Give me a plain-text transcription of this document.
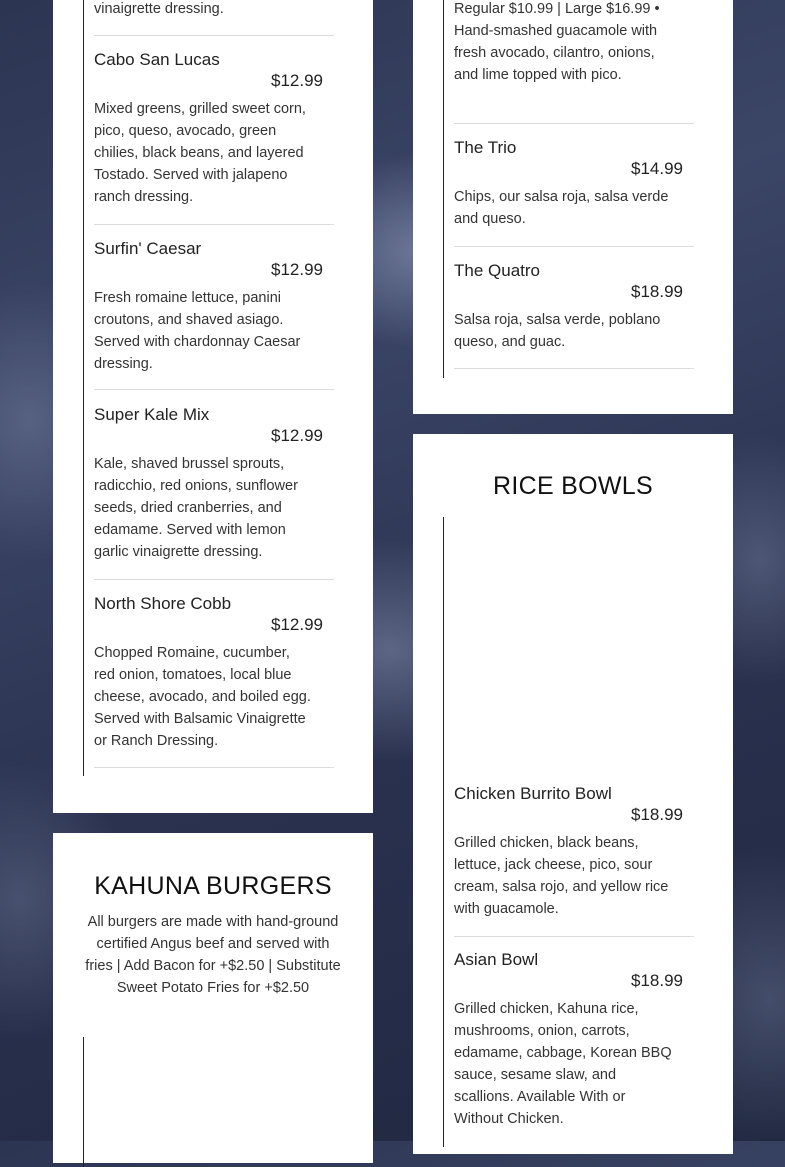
vinaigrette dressing.
Cabo San Lucas
$12.99
Mixed greens, grilled sweet corn, pico, queso, avocado, green chilies, black beans, and layered Tostado. Served with jalapeno ranch dressing.
Surfin' Caesar
$12.99
Fresh romaine lettuce, panini croutons, and shaved asiago. Served with chardonnay Caesar dressing.
Super Kale Mix
$12.99
Kale, shaved brussel sprouts, radicchio, red onions, sunflower seeds, dried cranberries, and edamame. Served with lemon garlic vinaigrette dressing.
North Shore Cobb
$12.99
Chopped Romaine, cucumber, red onion, tomatoes, local blue cheese, avocado, and boiled egg. Served with Balsamic Vinaigrette or Ranch Dressing.
KAHUNA BURGERS
All burgers are made with hand-ground certified Angus beef and served with fries | Add Bacon for +$2.50 | Substitute Sweet Potato Fries for +$2.50
Regular $10.99 | Large $16.99 • Hand-smashed guacamole with fresh avocado, cilantro, onions, and lime topped with pico.
The Trio
$14.99
Chips, our salsa roja, salsa verde and queso.
The Quatro
$18.99
Salsa roja, salsa verde, poblano queso, and guac.
RICE BOWLS
Chicken Burrito Bowl
$18.99
Grilled chicken, black beans, lettuce, jack cheese, pico, sour cream, salsa rojo, and yellow rice with guacamole.
Asian Bowl
$18.99
Grilled chicken, Kahuna rice, mushrooms, onion, carrots, edamame, cabbage, Korean BBQ sauce, sesame slaw, and scallions. Available With or Without Chicken.
